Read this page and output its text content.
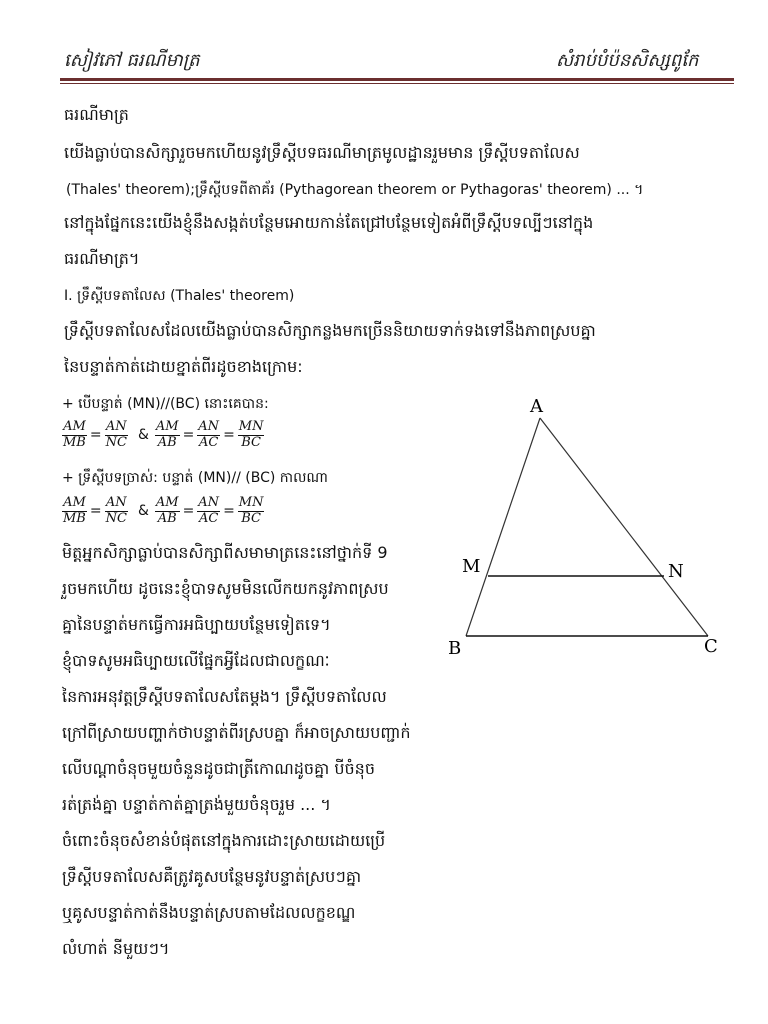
សៀវភៅ ធរណីមាត្រ	សំរាប់បំប៉នសិស្សពូកែ
ធរណីមាត្រ
យើងធ្លាប់បានសិក្សារួចមកហើយនូវទ្រឹស្តីបទធរណីមាត្រមូលដ្ឋានរួមមាន ទ្រឹស្តីបទតាលែស
(Thales' theorem);ទ្រឹស្តីបទពីតាគ័រ (Pythagorean theorem or Pythagoras' theorem) ... ។
នៅក្នុងផ្នែកនេះយើងខ្ញុំនឹងសង្កត់បន្ថែមអោយកាន់តែជ្រៅបន្ថែមទៀតអំពីទ្រឹស្តីបទល្បីៗនៅក្នុង
ធរណីមាត្រ។
I. ទ្រឹស្តីបទតាលែស (Thales' theorem)
ទ្រឹស្តីបទតាលែសដែលយើងធ្លាប់បានសិក្សាកន្លងមកច្រើននិយាយទាក់ទងទៅនឹងភាពស្របគ្នា
នៃបន្ទាត់កាត់ដោយខ្នាត់ពីរដូចខាងក្រោម:
+ បើបន្ទាត់ (MN)//(BC) នោះគេបាន:
$\frac{AM}{MB} = \frac{AN}{NC}$ & $\frac{AM}{AB} = \frac{AN}{AC} = \frac{MN}{BC}$
+ ទ្រឹស្តីបទច្រាស់: បន្ទាត់ (MN)// (BC) កាលណា
$\frac{AM}{MB} = \frac{AN}{NC}$ & $\frac{AM}{AB} = \frac{AN}{AC} = \frac{MN}{BC}$
មិត្តអ្នកសិក្សាធ្លាប់បានសិក្សាពីសមាមាត្រនេះនៅថ្នាក់ទី 9
រួចមកហើយ ដូចនេះខ្ញុំបាទសូមមិនលើកយកនូវភាពស្រប
គ្នានៃបន្ទាត់មកធ្វើការអធិប្បាយបន្ថែមទៀតទេ។
ខ្ញុំបាទសូមអធិប្បាយលើផ្នែកអ្វីដែលជាលក្ខណៈ
នៃការអនុវត្តទ្រឹស្តីបទតាលែសតែម្តង។ ទ្រឹស្តីបទតាលែល
ក្រៅពីស្រាយបញ្ហាក់ថាបន្ទាត់ពីរស្របគ្នា ក៏អាចស្រាយបញ្ជាក់
លើបណ្តាចំនុចមួយចំនួនដូចជាត្រីកោណដូចគ្នា បីចំនុច
រត់ត្រង់គ្នា បន្ទាត់កាត់គ្នាត្រង់មួយចំនុចរួម ... ។
ចំពោះចំនុចសំខាន់បំផុតនៅក្នុងការដោះស្រាយដោយប្រើ
ទ្រឹស្តីបទតាលែសគឺត្រូវគូសបន្ថែមនូវបន្ទាត់ស្របៗគ្នា
ឬគូសបន្ទាត់កាត់នឹងបន្ទាត់ស្របតាមដែលលក្ខខណ្ឌ
លំហាត់ នីមួយៗ។
A
M	N
B	C
